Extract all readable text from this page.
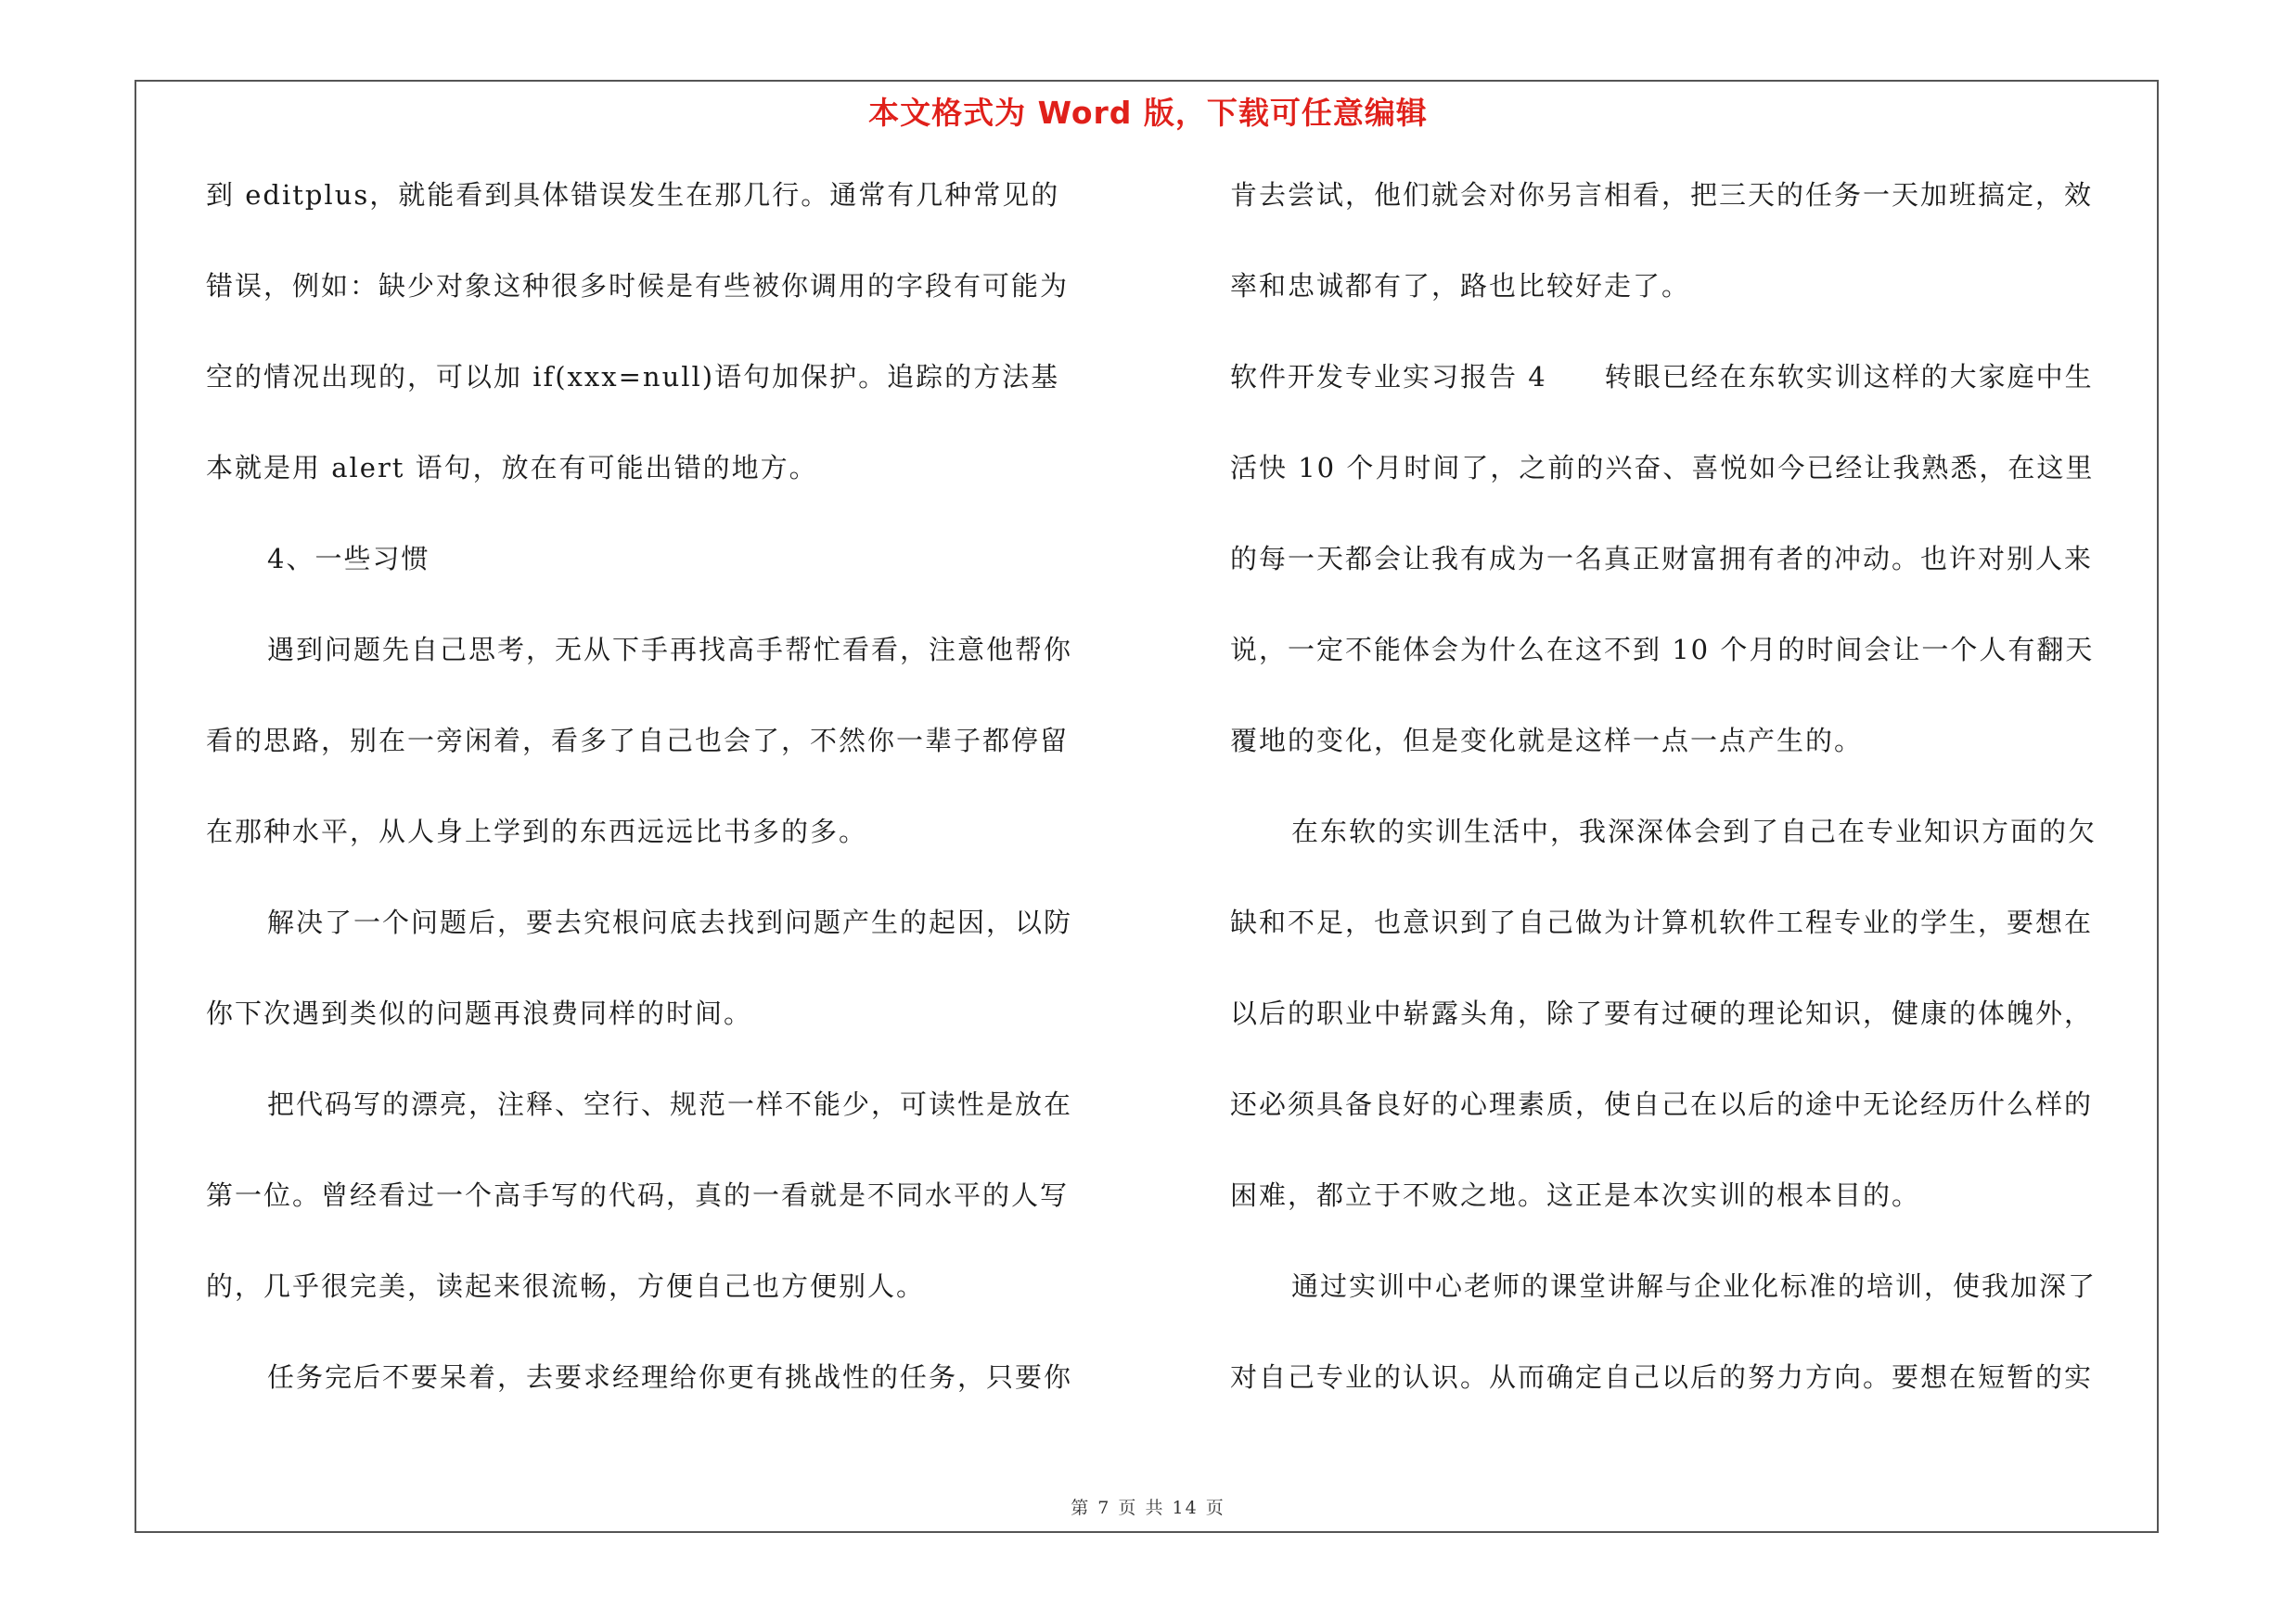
本文格式为 Word 版，下载可任意编辑
到 editplus，就能看到具体错误发生在那几行。通常有几种常见的
错误，例如：缺少对象这种很多时候是有些被你调用的字段有可能为
空的情况出现的，可以加 if(xxx=null)语句加保护。追踪的方法基
本就是用 alert 语句，放在有可能出错的地方。
4、一些习惯
遇到问题先自己思考，无从下手再找高手帮忙看看，注意他帮你
看的思路，别在一旁闲着，看多了自己也会了，不然你一辈子都停留
在那种水平，从人身上学到的东西远远比书多的多。
解决了一个问题后，要去究根问底去找到问题产生的起因，以防
你下次遇到类似的问题再浪费同样的时间。
把代码写的漂亮，注释、空行、规范一样不能少，可读性是放在
第一位。曾经看过一个高手写的代码，真的一看就是不同水平的人写
的，几乎很完美，读起来很流畅，方便自己也方便别人。
任务完后不要呆着，去要求经理给你更有挑战性的任务，只要你
肯去尝试，他们就会对你另言相看，把三天的任务一天加班搞定，效
率和忠诚都有了，路也比较好走了。
软件开发专业实习报告 4　　转眼已经在东软实训这样的大家庭中生
活快 10 个月时间了，之前的兴奋、喜悦如今已经让我熟悉，在这里
的每一天都会让我有成为一名真正财富拥有者的冲动。也许对别人来
说，一定不能体会为什么在这不到 10 个月的时间会让一个人有翻天
覆地的变化，但是变化就是这样一点一点产生的。
在东软的实训生活中，我深深体会到了自己在专业知识方面的欠
缺和不足，也意识到了自己做为计算机软件工程专业的学生，要想在
以后的职业中崭露头角，除了要有过硬的理论知识，健康的体魄外，
还必须具备良好的心理素质，使自己在以后的途中无论经历什么样的
困难，都立于不败之地。这正是本次实训的根本目的。
通过实训中心老师的课堂讲解与企业化标准的培训，使我加深了
对自己专业的认识。从而确定自己以后的努力方向。要想在短暂的实
第 7 页 共 14 页
